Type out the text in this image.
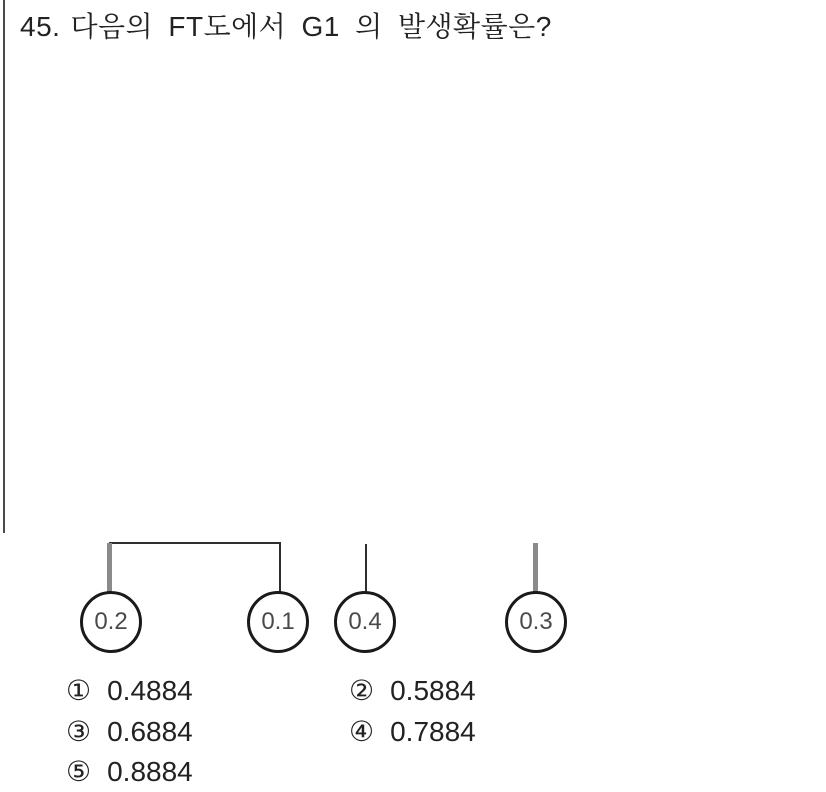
45. 다음의 FT도에서 G1 의 발생확률은?
0.2	0.1 0.4	0.3
① 0.4884	② 0.5884
③ 0.6884	④ 0.7884
⑤ 0.8884
